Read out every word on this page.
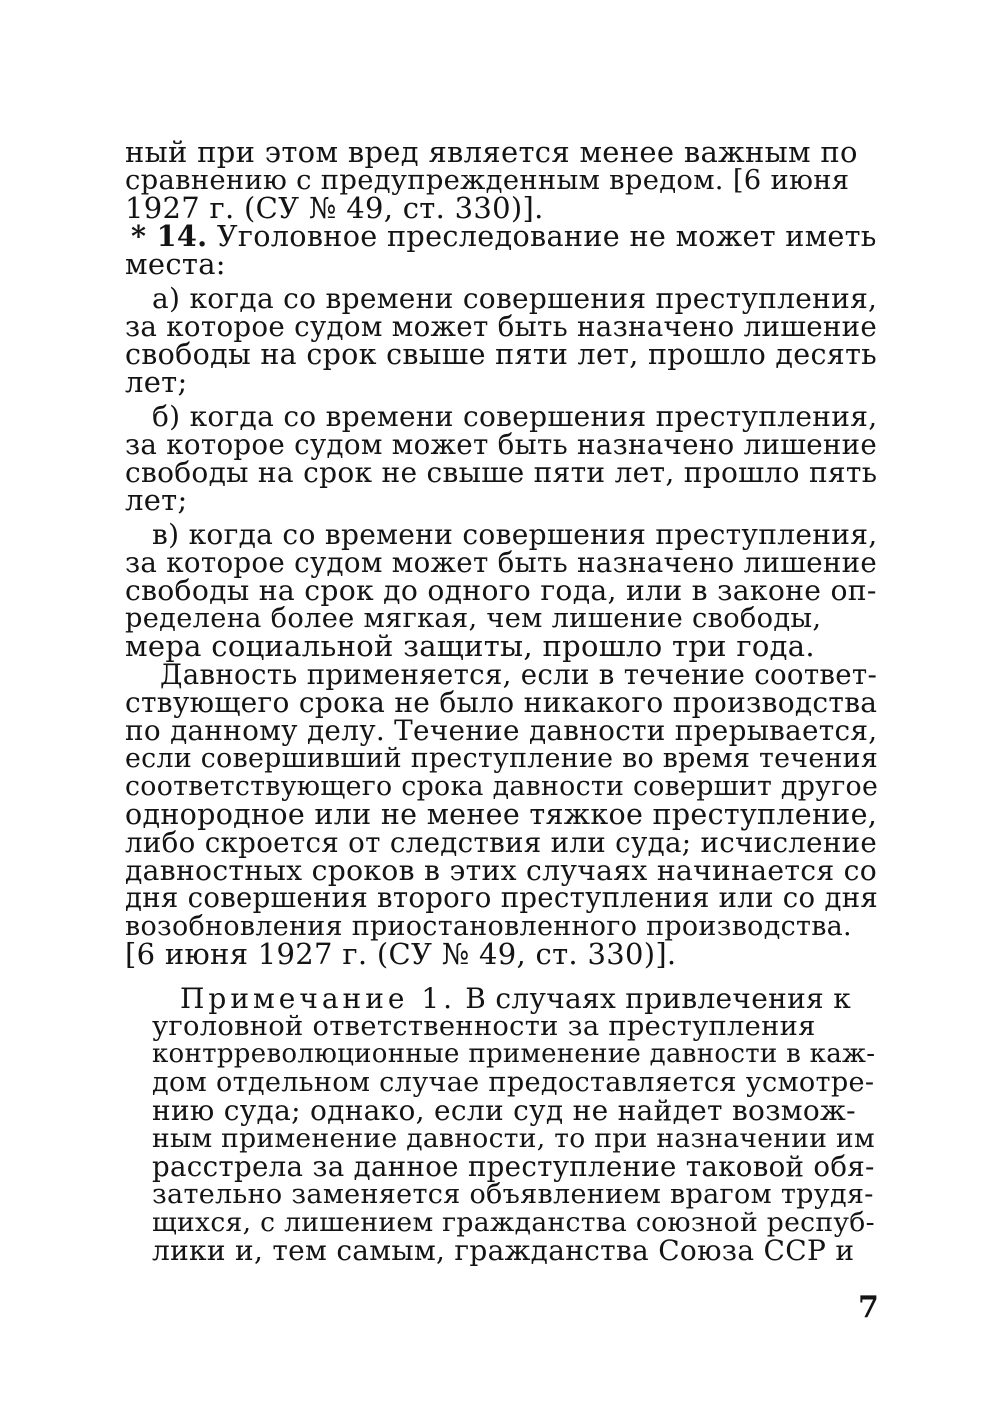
ный при этом вред является менее важным по
сравнению с предупрежденным вредом. [6 июня
1927 г. (СУ № 49, ст. 330)].
* 14. Уголовное преследование не может иметь
места:
а) когда со времени совершения преступления,
за которое судом может быть назначено лишение
свободы на срок свыше пяти лет, прошло десять
лет;
б) когда со времени совершения преступления,
за которое судом может быть назначено лишение
свободы на срок не свыше пяти лет, прошло пять
лет;
в) когда со времени совершения преступления,
за которое судом может быть назначено лишение
свободы на срок до одного года, или в законе оп-
ределена более мягкая, чем лишение свободы,
мера социальной защиты, прошло три года.
Давность применяется, если в течение соответ-
ствующего срока не было никакого производства
по данному делу. Течение давности прерывается,
если совершивший преступление во время течения
соответствующего срока давности совершит другое
однородное или не менее тяжкое преступление,
либо скроется от следствия или суда; исчисление
давностных сроков в этих случаях начинается со
дня совершения второго преступления или со дня
возобновления приостановленного производства.
[6 июня 1927 г. (СУ № 49, ст. 330)].
Примечание 1. В случаях привлечения к
уголовной ответственности за преступления
контрреволюционные применение давности в каж-
дом отдельном случае предоставляется усмотре-
нию суда; однако, если суд не найдет возмож-
ным применение давности, то при назначении им
расстрела за данное преступление таковой обя-
зательно заменяется объявлением врагом трудя-
щихся, с лишением гражданства союзной респуб-
лики и, тем самым, гражданства Союза ССР и
7
